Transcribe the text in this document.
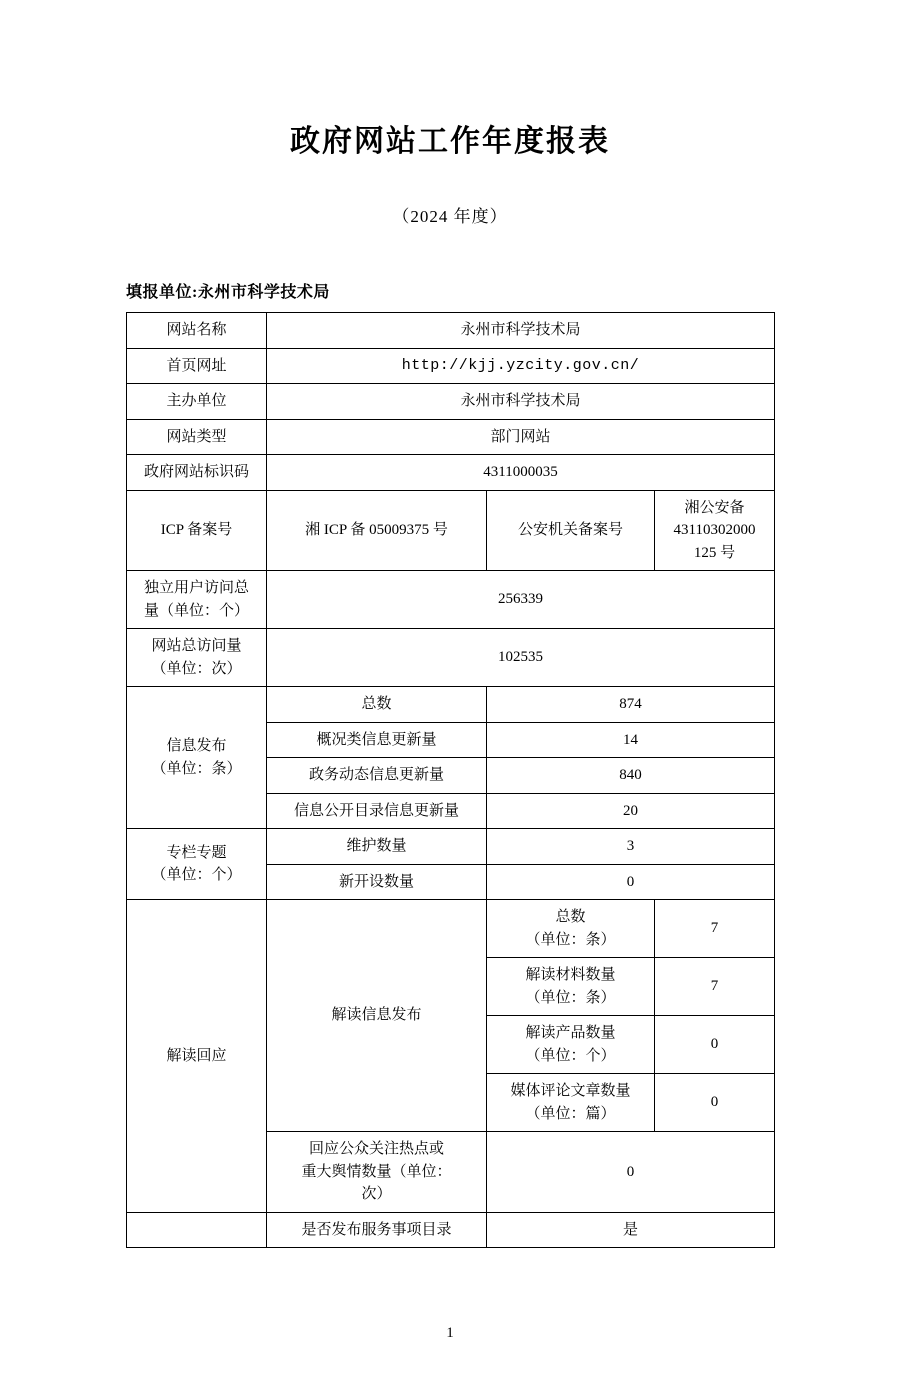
政府网站工作年度报表
（2024 年度）
填报单位:永州市科学技术局
网站名称	永州市科学技术局		
首页网址	http://kjj.yzcity.gov.cn/		
主办单位	永州市科学技术局		
网站类型	部门网站		
政府网站标识码	4311000035		
ICP 备案号	湘 ICP 备 05009375 号	公安机关备案号	湘公安备
43110302000
125 号

独立用户访问总
量（单位：个）	256339		

网站总访问量
（单位：次）	102535		

信息发布
（单位：条）	总数	874	
	概况类信息更新量	14	
	政务动态信息更新量	840	
	信息公开目录信息更新量	20	

专栏专题
（单位：个）	维护数量	3	
	新开设数量	0	
解读回应	解读信息发布	总数
（单位：条）	7

		解读材料数量
（单位：条）	7

		解读产品数量
（单位：个）	0

		媒体评论文章数量
（单位：篇）	0

	回应公众关注热点或
重大舆情数量（单位：
次）	0	
	是否发布服务事项目录	是	
1
